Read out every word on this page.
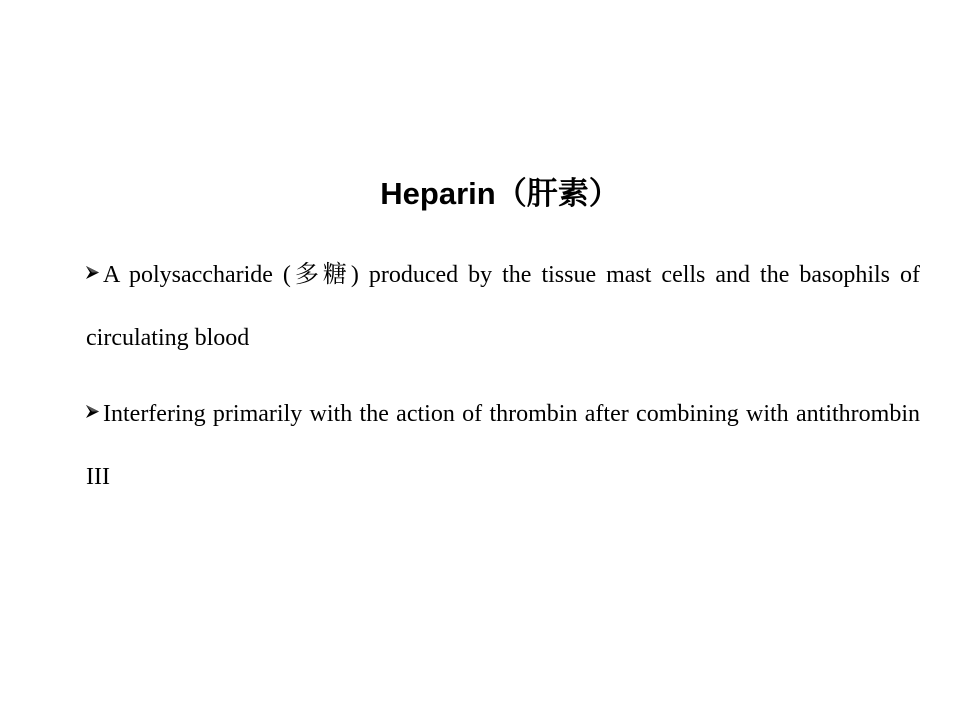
Heparin（肝素）
A polysaccharide (多糖) produced by the tissue mast cells and the basophils of circulating blood
Interfering primarily with the action of thrombin after combining with antithrombin III
